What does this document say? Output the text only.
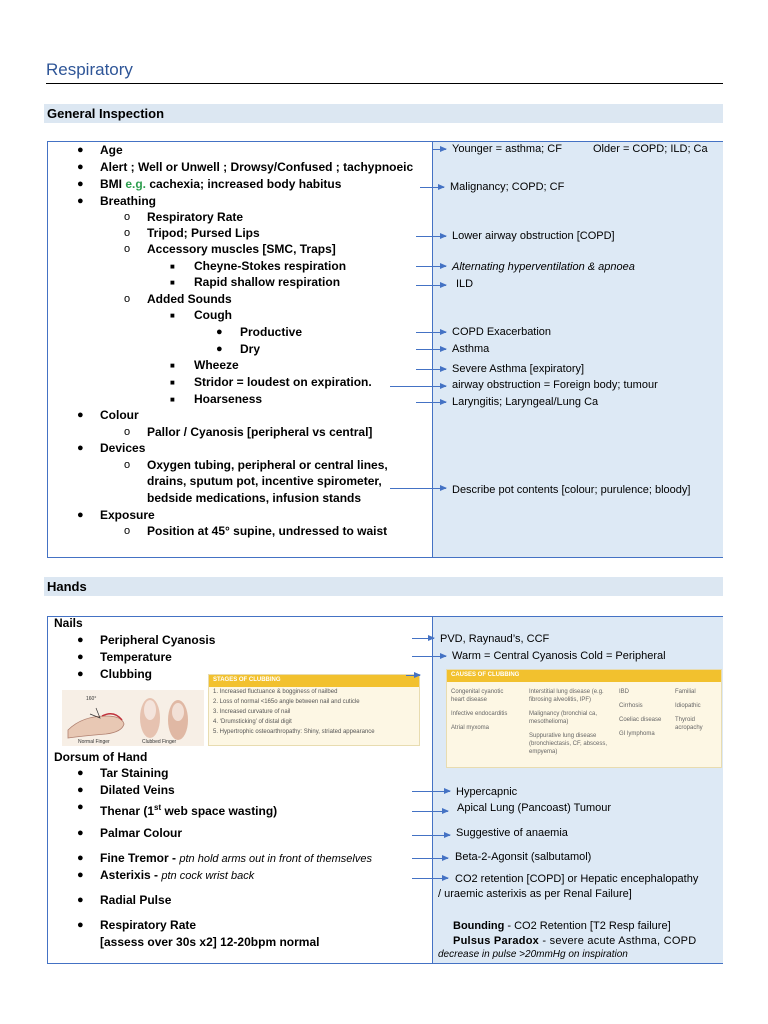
Respiratory
General Inspection
● Age
● Alert ; Well or Unwell ; Drowsy/Confused ; tachypnoeic
● BMI e.g. cachexia; increased body habitus
● Breathing
o Respiratory Rate
o Tripod; Pursed Lips
o Accessory muscles [SMC, Traps]
■ Cheyne-Stokes respiration
■ Rapid shallow respiration
o Added Sounds
■ Cough
● Productive
● Dry
■ Wheeze
■ Stridor = loudest on expiration.
■ Hoarseness
● Colour
o Pallor / Cyanosis [peripheral vs central]
● Devices
o Oxygen tubing, peripheral or central lines,
drains, sputum pot, incentive spirometer,
bedside medications, infusion stands
● Exposure
o Position at 45° supine, undressed to waist
Younger = asthma; CF	Older = COPD; ILD; Ca
Malignancy; COPD; CF
Lower airway obstruction [COPD]
Alternating hyperventilation & apnoea
ILD
COPD Exacerbation
Asthma
Severe Asthma [expiratory]
airway obstruction = Foreign body; tumour
Laryngitis; Laryngeal/Lung Ca
Describe pot contents [colour; purulence; bloody]
Hands
Nails
● Peripheral Cyanosis
● Temperature
● Clubbing
160°
Normal Finger	Clubbed Finger
STAGES OF CLUBBING
1. Increased fluctuance & bogginess of nailbed
2. Loss of normal <165o angle between nail and cuticle
3. Increased curvature of nail
4. ‘Drumsticking’ of distal digit
5. Hypertrophic osteoarthropathy: Shiny, striated appearance
Dorsum of Hand
● Tar Staining
● Dilated Veins
● Thenar (1st web space wasting)
● Palmar Colour
● Fine Tremor - ptn hold arms out in front of themselves
● Asterixis - ptn cock wrist back
● Radial Pulse
● Respiratory Rate
[assess over 30s x2] 12-20bpm normal
PVD, Raynaud’s, CCF
Warm = Central Cyanosis Cold = Peripheral
CAUSES OF CLUBBING
Congenital cyanotic heart disease
Infective endocarditis
Atrial myxoma
Interstitial lung disease (e.g. fibrosing alveolitis, IPF)
Malignancy (bronchial ca, mesothelioma)
Suppurative lung disease (bronchiectasis, CF, abscess, empyema)
IBD
Cirrhosis
Coeliac disease
GI lymphoma
Familial
Idiopathic
Thyroid acropachy
Hypercapnic
Apical Lung (Pancoast) Tumour
Suggestive of anaemia
Beta-2-Agonsit (salbutamol)
CO2 retention [COPD] or Hepatic encephalopathy
/ uraemic asterixis as per Renal Failure]
Bounding - CO2 Retention [T2 Resp failure]
Pulsus Paradox - severe acute Asthma, COPD
decrease in pulse >20mmHg on inspiration
